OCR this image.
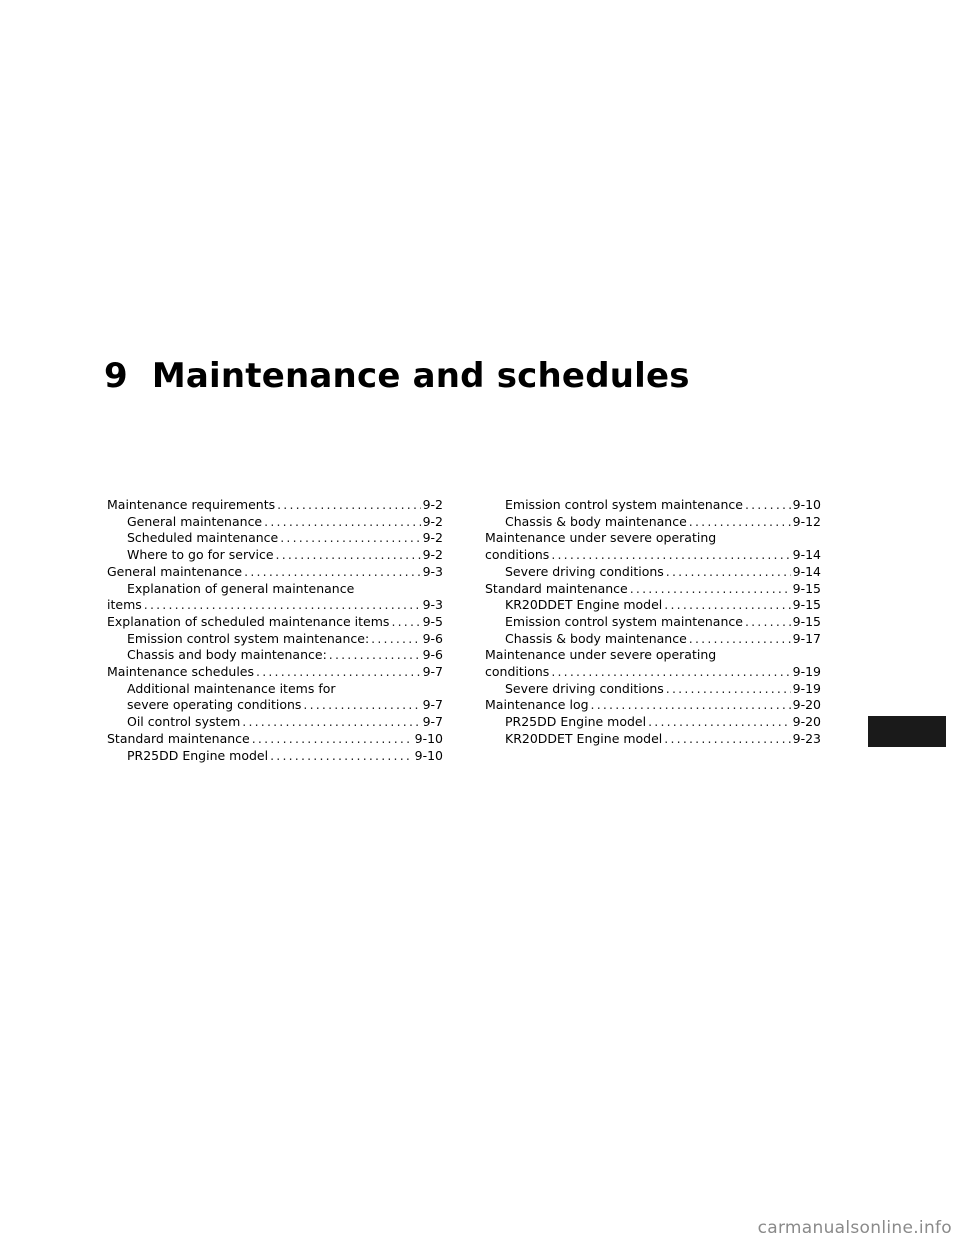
9 Maintenance and schedules
Maintenance requirements .....	9-2
General maintenance .....	9-2
Scheduled maintenance .....	9-2
Where to go for service .....	9-2
General maintenance .....	9-3
Explanation of general maintenance
items .....	9-3
Explanation of scheduled maintenance items .....	9-5
Emission control system maintenance: .....	9-6
Chassis and body maintenance: .....	9-6
Maintenance schedules .....	9-7
Additional maintenance items for
severe operating conditions .....	9-7
Oil control system .....	9-7
Standard maintenance .....	9-10
PR25DD Engine model .....	9-10
Emission control system maintenance .....	9-10
Chassis & body maintenance .....	9-12
Maintenance under severe operating
conditions .....	9-14
Severe driving conditions .....	9-14
Standard maintenance .....	9-15
KR20DDET Engine model .....	9-15
Emission control system maintenance .....	9-15
Chassis & body maintenance .....	9-17
Maintenance under severe operating
conditions .....	9-19
Severe driving conditions .....	9-19
Maintenance log .....	9-20
PR25DD Engine model .....	9-20
KR20DDET Engine model .....	9-23
carmanualsonline.info
